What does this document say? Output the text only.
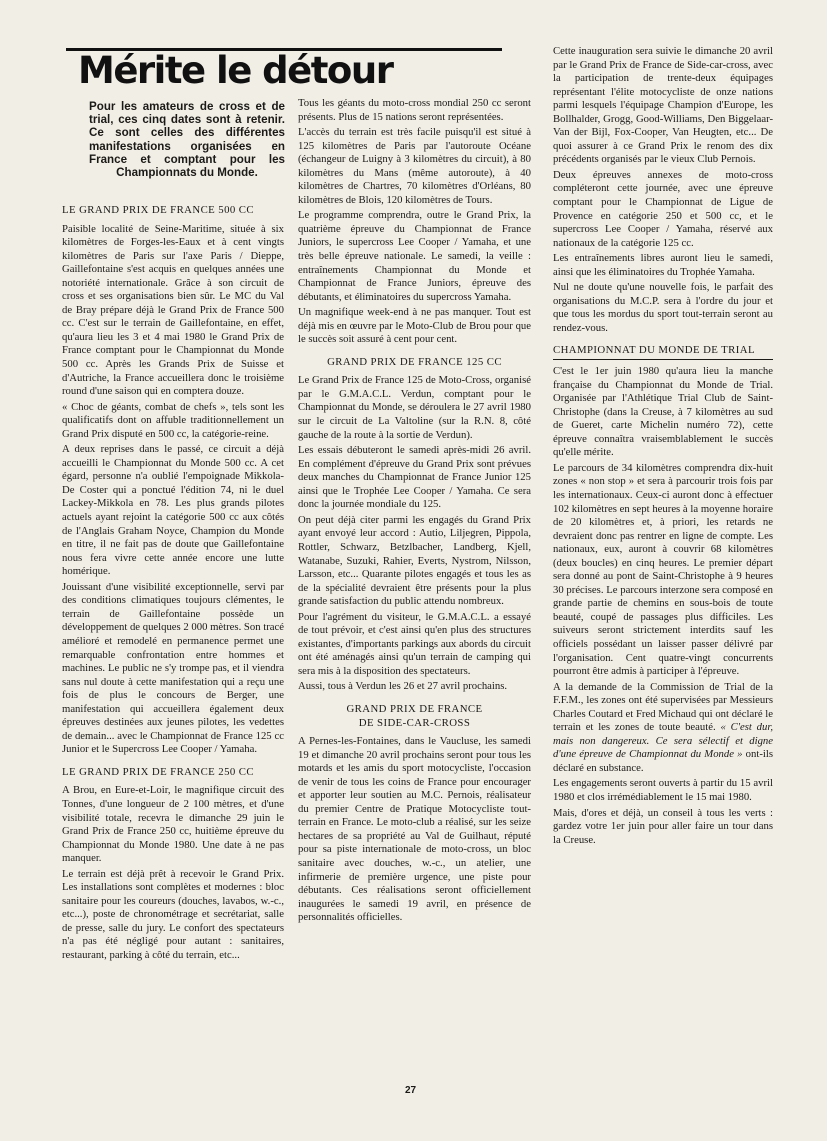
Mérite le détour
Pour les amateurs de cross et de trial, ces cinq dates sont à retenir. Ce sont celles des différentes manifestations organisées en France et comptant pour les Championnats du Monde.
LE GRAND PRIX DE FRANCE 500 CC

Paisible localité de Seine-Maritime, située à six kilomètres de Forges-les-Eaux et à cent vingts kilomètres de Paris sur l'axe Paris / Dieppe, Gaillefontaine s'est acquis en quelques années une notoriété internationale. Grâce à son circuit de cross et ses organisations bien sûr. Le MC du Val de Bray prépare déjà le Grand Prix de France 500 cc. C'est sur le terrain de Gaillefontaine, en effet, qu'aura lieu les 3 et 4 mai 1980 le Grand Prix de France comptant pour le Championnat du Monde 500 cc. Après les Grands Prix de Suisse et d'Autriche, la France accueillera donc le troisième round d'une saison qui en comptera douze.

« Choc de géants, combat de chefs », tels sont les qualificatifs dont on affuble traditionnellement un Grand Prix disputé en 500 cc, la catégorie-reine.

A deux reprises dans le passé, ce circuit a déjà accueilli le Championnat du Monde 500 cc. A cet égard, personne n'a oublié l'empoignade Mikkola-De Coster qui a ponctué l'édition 74, ni le duel Lackey-Mikkola en 78. Les plus grands pilotes actuels ayant rejoint la catégorie 500 cc aux côtés de l'Anglais Graham Noyce, Champion du Monde en titre, il ne fait pas de doute que Gaillefontaine nous fera vivre cette année encore une lutte homérique.

Jouissant d'une visibilité exceptionnelle, servi par des conditions climatiques toujours clémentes, le terrain de Gaillefontaine possède un développement de quelques 2 000 mètres. Son tracé amélioré et remodelé en permanence permet une remarquable confrontation entre hommes et machines. Le public ne s'y trompe pas, et il viendra sans nul doute à cette manifestation qui a reçu une fois de plus le concours de Berger, une manifestation qui accueillera également deux épreuves destinées aux jeunes pilotes, les vedettes de demain... avec le Championnat de France 125 cc Junior et le Supercross Lee Cooper / Yamaha.

LE GRAND PRIX DE FRANCE 250 CC

A Brou, en Eure-et-Loir, le magnifique circuit des Tonnes, d'une longueur de 2 100 mètres, et d'une visibilité totale, recevra le dimanche 29 juin le Grand Prix de France 250 cc, huitième épreuve du Championnat du Monde 1980. Une date à ne pas manquer.

Le terrain est déjà prêt à recevoir le Grand Prix. Les installations sont complètes et modernes : bloc sanitaire pour les coureurs (douches, lavabos, w.-c., etc...), poste de chronométrage et secrétariat, salle de presse, salle du jury. Le confort des spectateurs n'a pas été négligé pour autant : sanitaires, restaurant, parking à côté du terrain, etc...

Tous les géants du moto-cross mondial 250 cc seront présents. Plus de 15 nations seront représentées.

L'accès du terrain est très facile puisqu'il est situé à 125 kilomètres de Paris par l'autoroute Océane (échangeur de Luigny à 3 kilomètres du circuit), à 80 kilomètres du Mans (même autoroute), à 40 kilomètres de Chartres, 70 kilomètres d'Orléans, 80 kilomètres de Blois, 120 kilomètres de Tours.

Le programme comprendra, outre le Grand Prix, la quatrième épreuve du Championnat de France Juniors, le supercross Lee Cooper / Yamaha, et une très belle épreuve nationale. Le samedi, la veille : entraînements Championnat du Monde et Championnat de France Juniors, épreuve des débutants, et éliminatoires du supercross Yamaha.

Un magnifique week-end à ne pas manquer. Tout est déjà mis en œuvre par le Moto-Club de Brou pour que le succès soit assuré à cent pour cent.

GRAND PRIX DE FRANCE 125 CC

Le Grand Prix de France 125 de Moto-Cross, organisé par le G.M.A.C.L. Verdun, comptant pour le Championnat du Monde, se déroulera le 27 avril 1980 sur le circuit de La Valtoline (sur la R.N. 8, côté gauche de la route à la sortie de Verdun).

Les essais débuteront le samedi après-midi 26 avril. En complément d'épreuve du Grand Prix sont prévues deux manches du Championnat de France Junior 125 ainsi que le Trophée Lee Cooper / Yamaha. Ce sera donc la journée mondiale du 125.

On peut déjà citer parmi les engagés du Grand Prix ayant envoyé leur accord : Autio, Liljegren, Pippola, Rottler, Schwarz, Betzlbacher, Landberg, Kjell, Watanabe, Suzuki, Rahier, Everts, Nystrom, Nilsson, Larsson, etc... Quarante pilotes engagés et tous les as de la spécialité devraient être présents pour la plus grande satisfaction du public attendu nombreux.

Pour l'agrément du visiteur, le G.M.A.C.L. a essayé de tout prévoir, et c'est ainsi qu'en plus des structures existantes, d'importants parkings aux abords du circuit ont été aménagés ainsi qu'un terrain de camping qui sera mis à la disposition des spectateurs.

Aussi, tous à Verdun les 26 et 27 avril prochains.

GRAND PRIX DE FRANCE
DE SIDE-CAR-CROSS

A Pernes-les-Fontaines, dans le Vaucluse, les samedi 19 et dimanche 20 avril prochains seront pour tous les motards et les amis du sport motocycliste, l'occasion de venir de tous les coins de France pour encourager et apporter leur soutien au M.C. Pernois, réalisateur du premier Centre de Pratique Motocycliste tout-terrain en France. Le moto-club a réalisé, sur les seize hectares de sa propriété au Val de Guilhaut, réputé pour sa piste internationale de moto-cross, un bloc sanitaire avec douches, w.-c., un atelier, une infirmerie de première urgence, une piste pour débutants. Ces réalisations seront officiellement inaugurées le samedi 19 avril, en présence de personnalités officielles.

Cette inauguration sera suivie le dimanche 20 avril par le Grand Prix de France de Side-car-cross, avec la participation de trente-deux équipages représentant l'élite motocycliste de onze nations parmi lesquels l'équipage Champion d'Europe, les Bollhalder, Grogg, Good-Williams, Den Biggelaar-Van der Bijl, Fox-Cooper, Van Heugten, etc... De quoi assurer à ce Grand Prix le renom des dix précédents organisés par le vieux Club Pernois.

Deux épreuves annexes de moto-cross compléteront cette journée, avec une épreuve comptant pour le Championnat de Ligue de Provence en catégorie 250 et 500 cc, et le supercross Lee Cooper / Yamaha, réservé aux nationaux de la catégorie 125 cc.

Les entraînements libres auront lieu le samedi, ainsi que les éliminatoires du Trophée Yamaha.

Nul ne doute qu'une nouvelle fois, le parfait des organisations du M.C.P. sera à l'ordre du jour et que tous les mordus du sport tout-terrain seront au rendez-vous.

CHAMPIONNAT DU MONDE DE TRIAL

C'est le 1er juin 1980 qu'aura lieu la manche française du Championnat du Monde de Trial. Organisée par l'Athlétique Trial Club de Saint-Christophe (dans la Creuse, à 7 kilomètres au sud de Gueret, carte Michelin numéro 72), cette épreuve connaîtra vraisemblablement le succès qu'elle mérite.

Le parcours de 34 kilomètres comprendra dix-huit zones « non stop » et sera à parcourir trois fois par les internationaux. Ceux-ci auront donc à effectuer 102 kilomètres en sept heures à la moyenne horaire de 20 kilomètres et, à priori, les retards ne devraient donc pas rentrer en ligne de compte. Les nationaux, eux, auront à couvrir 68 kilomètres (deux boucles) en cinq heures. Le premier départ sera donné au pont de Saint-Christophe à 9 heures 30 précises. Le parcours interzone sera composé en grande partie de chemins en sous-bois de toute beauté, coupé de passages plus difficiles. Les suiveurs seront strictement interdits sauf les officiels possédant un laisser passer délivré par l'organisation. Cent quatre-vingt concurrents pourront être admis à participer à l'épreuve.

A la demande de la Commission de Trial de la F.F.M., les zones ont été supervisées par Messieurs Charles Coutard et Fred Michaud qui ont déclaré le terrain et les zones de toute beauté. « C'est dur, mais non dangereux. Ce sera sélectif et digne d'une épreuve de Championnat du Monde » ont-ils déclaré en substance.

Les engagements seront ouverts à partir du 15 avril 1980 et clos irrémédiablement le 15 mai 1980.

Mais, d'ores et déjà, un conseil à tous les verts : gardez votre 1er juin pour aller faire un tour dans la Creuse.

27
